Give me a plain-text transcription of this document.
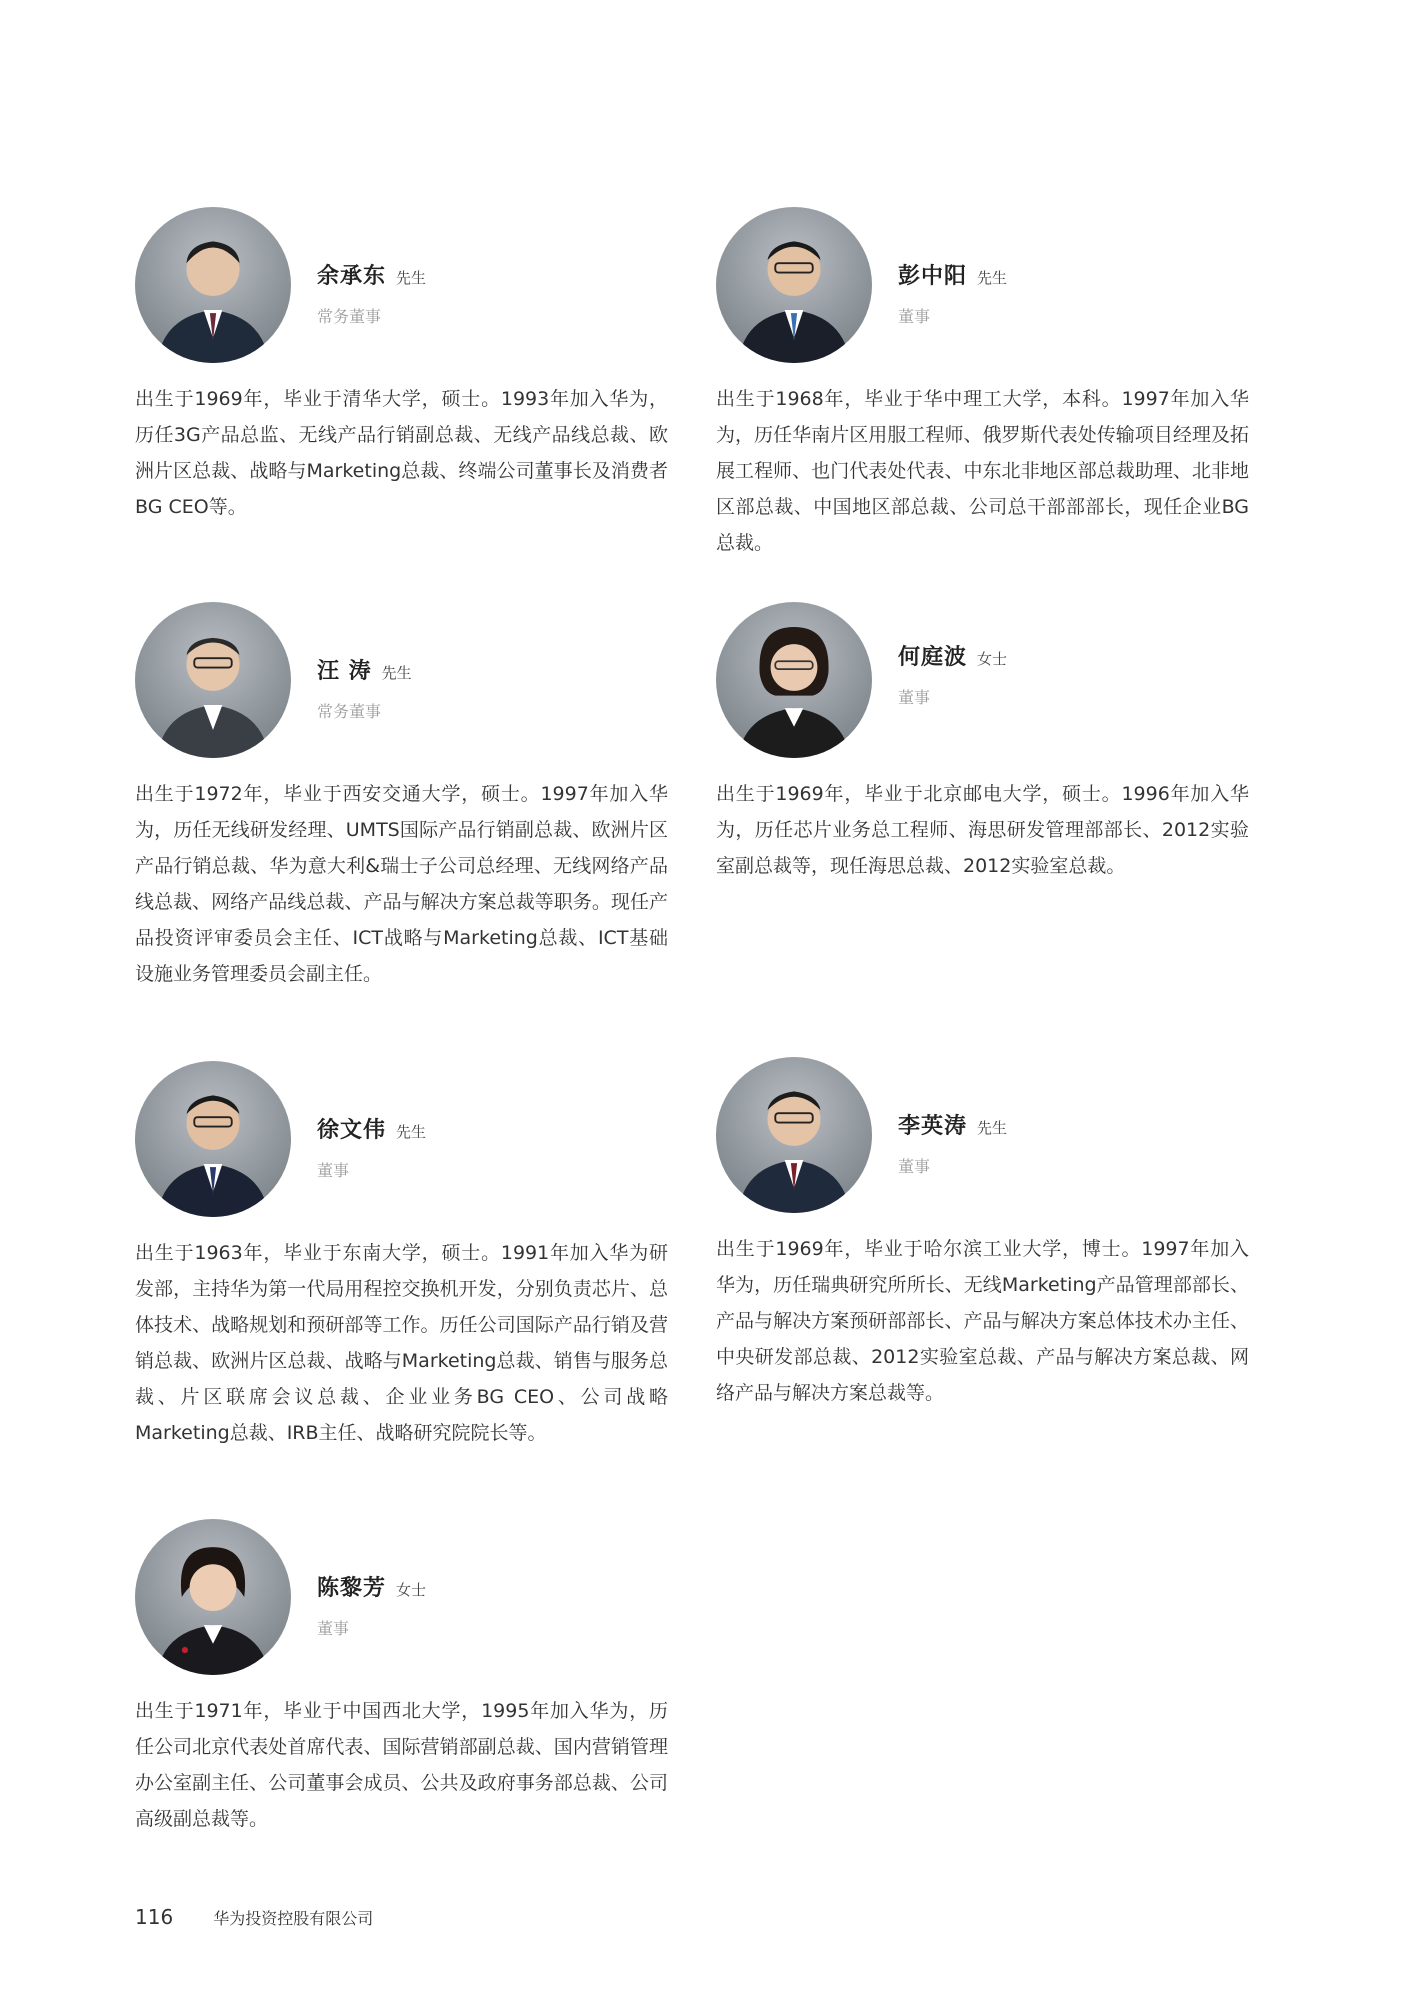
余承东 先生
常务董事
出生于1969年，毕业于清华大学，硕士。1993年加入华为，历任3G产品总监、无线产品行销副总裁、无线产品线总裁、欧洲片区总裁、战略与Marketing总裁、终端公司董事长及消费者BG CEO等。
彭中阳 先生
董事
出生于1968年，毕业于华中理工大学，本科。1997年加入华为，历任华南片区用服工程师、俄罗斯代表处传输项目经理及拓展工程师、也门代表处代表、中东北非地区部总裁助理、北非地区部总裁、中国地区部总裁、公司总干部部部长，现任企业BG总裁。
汪 涛 先生
常务董事
出生于1972年，毕业于西安交通大学，硕士。1997年加入华为，历任无线研发经理、UMTS国际产品行销副总裁、欧洲片区产品行销总裁、华为意大利&瑞士子公司总经理、无线网络产品线总裁、网络产品线总裁、产品与解决方案总裁等职务。现任产品投资评审委员会主任、ICT战略与Marketing总裁、ICT基础设施业务管理委员会副主任。
何庭波 女士
董事
出生于1969年，毕业于北京邮电大学，硕士。1996年加入华为，历任芯片业务总工程师、海思研发管理部部长、2012实验室副总裁等，现任海思总裁、2012实验室总裁。
徐文伟 先生
董事
出生于1963年，毕业于东南大学，硕士。1991年加入华为研发部，主持华为第一代局用程控交换机开发，分别负责芯片、总体技术、战略规划和预研部等工作。历任公司国际产品行销及营销总裁、欧洲片区总裁、战略与Marketing总裁、销售与服务总裁、片区联席会议总裁、企业业务BG CEO、公司战略Marketing总裁、IRB主任、战略研究院院长等。
李英涛 先生
董事
出生于1969年，毕业于哈尔滨工业大学，博士。1997年加入华为，历任瑞典研究所所长、无线Marketing产品管理部部长、产品与解决方案预研部部长、产品与解决方案总体技术办主任、中央研发部总裁、2012实验室总裁、产品与解决方案总裁、网络产品与解决方案总裁等。
陈黎芳 女士
董事
出生于1971年，毕业于中国西北大学，1995年加入华为，历任公司北京代表处首席代表、国际营销部副总裁、国内营销管理办公室副主任、公司董事会成员、公共及政府事务部总裁、公司高级副总裁等。
116	华为投资控股有限公司
